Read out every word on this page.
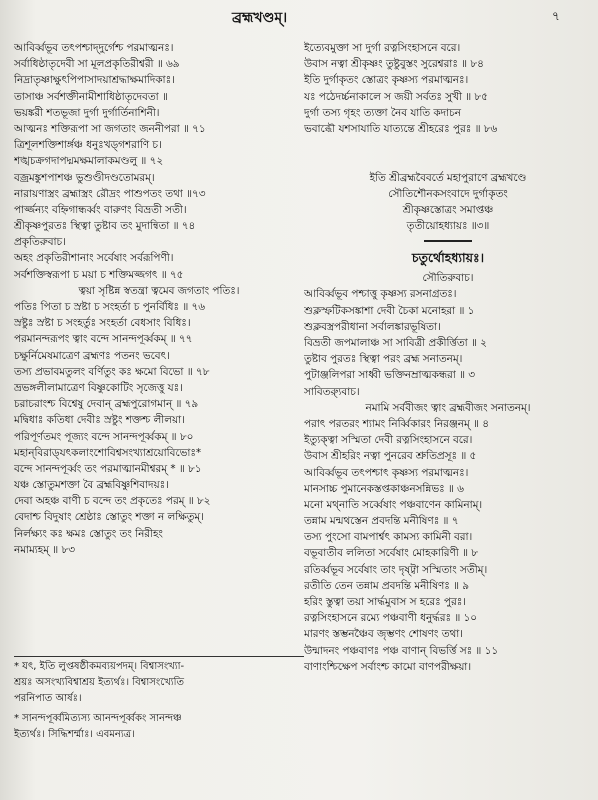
ব্রহ্মখণ্ডম্‌।	৭
আবির্ব্বভূব তৎপশ্চাদ্‌দুর্গেশ্চ পরমাত্মনঃ।
সর্বাধিষ্ঠাতৃদেবী সা মূলপ্রকৃতিরীশ্বরী ॥ ৬৯
নিদ্রাতৃষ্ণাক্ষুৎপিপাসাদয়াশ্রদ্ধাক্ষমাদিকাঃ।
তাসাঞ্চ সর্বশক্তীনামীশাধিষ্ঠাতৃদেবতা ॥
ভয়ঙ্করী শতভূজা দুর্গা দুর্গার্তিনাশিনী।
আত্মনঃ শক্তিরূপা সা জগতাং জননীপরা ॥ ৭১
ত্রিশূলশক্তিশার্ঙ্গঞ্চ ধনুঃখড্‌গশরাণি চ।
শঙ্খচক্রগদাপদ্মমক্ষমালাকমণ্ডলু ॥ ৭২
বজ্রমঙ্কুশপাশঞ্চ ভুশুণ্ডীদণ্ডতোমরম্‌।
নারায়ণাস্ত্রং ব্রহ্মাস্ত্রং রৌদ্রং পাশুপতং তথা ॥৭৩
পার্জ্জন্যং বহ্নিগান্ধর্ব্বং বারুণং বিভ্রতী সতী।
শ্রীকৃষ্ণপুরতঃ স্থিত্বা তুষ্টাব তং মুদান্বিতা ॥ ৭৪
প্রকৃতিরুবাচ।
অহং প্রকৃতিরীশানাং সর্বেষাং সর্বরূপিণী।
সর্বশক্তিস্বরূপা চ ময়া চ শক্তিমজ্জগৎ ॥ ৭৫
ত্বয়া সৃষ্টিন্ন স্বতন্ত্রা ত্বমেব জগতাং পতিঃ।
পতিঃ পিতা চ স্রষ্টা চ সংহর্তা চ পুনর্বিধিঃ ॥ ৭৬
স্রষ্টুঃ স্রষ্টা চ সংহর্তুঃ সংহর্তা বেধসাং বিধিঃ।
পরমানন্দরূপং ত্বাং বন্দে সানন্দপূর্ব্বকম্‌ ॥ ৭৭
চক্ষুর্নিমেষমাত্রেণ ব্রহ্মণঃ পতনং ভবেৎ।
তস্য প্রভাবমতুলং বর্ণিতুং কঃ ক্ষমো বিভো ॥ ৭৮
ভ্রভঙ্গলীলামাত্রেণ বিষ্ণুকোটিং সৃজেত্তু যঃ।
চরাচরাংশ্চ বিশ্বেষু দেবান্‌ ব্রহ্মপুরোগমান্‌ ॥ ৭৯
মদ্বিধাঃ কতিধা দেবীঃ স্রষ্টুং শক্তশ্চ লীলয়া।
পরিপূর্ণতমং পূজ্যং বন্দে সানন্দপূর্ব্বকম্‌ ॥ ৮০
মহান্‌বিরাড্‌যৎকলাংশোবিশ্বসংখ্যাশ্রয়োবিভোঃ*
বন্দে সানন্দপূর্ব্বং তং পরমাত্মানমীশ্বরম্‌ * ॥ ৮১
যঞ্চ স্তোতুমশক্তা বৈ ব্রহ্মবিষ্ণুশিবাদয়ঃ।
দেবা অহঞ্চ বাণী চ বন্দে তং প্রকৃতেঃ পরম্‌ ॥ ৮২
বেদাশ্চ বিদুষাং শ্রেষ্ঠাঃ স্তোতুং শক্তা ন লক্ষিতুম্‌।
নির্লক্ষ্যং কঃ ক্ষমঃ স্তোতুং তং নিরীহং
নমাম্যহম্‌ ॥ ৮৩
* যৎ, ইতি লুপ্তষষ্ঠীকমব্যয়পদম্‌। বিশ্বাসংখ্যা-
শ্রয়ঃ অসংখ্যবিশ্বাশ্রয় ইত্যর্থঃ। বিশ্বাসংখ্যেতি
পরনিপাত আর্ষঃ।
* সানন্দপূর্ব্বমিত্যস্য আনন্দপূর্ব্বকং সানন্দঞ্চ
ইত্যর্থঃ। সিদ্ধিশর্ম্মাঃ। এবমন্যত্র।
ইত্যেবমুক্তা সা দুর্গা রত্নসিংহাসনে বরে।
উবাস নত্বা শ্রীকৃষ্ণং তুষ্টুবুস্তং সুরেশ্বরাঃ ॥ ৮৪
ইতি দুর্গাকৃতং স্তোত্রং কৃষ্ণস্য পরমাত্মনঃ।
যঃ পঠেদর্চ্চনাকালে স জয়ী সর্বতঃ সুখী ॥ ৮৫
দুর্গা তস্য গৃহং ত্যক্তা নৈব যাতি কদাচন
ভবাব্ধৌ যশসাযাতি যাত্যন্তে শ্রীহরেঃ পুরঃ ॥ ৮৬
ইতি শ্রীব্রহ্মবৈবর্তে মহাপুরাণে ব্রহ্মখণ্ডে
সৌতিশৌনকসংবাদে দুর্গাকৃতং
শ্রীকৃষ্ণস্তোত্রং সমাপ্তঞ্চ
তৃতীয়োহধ্যায়ঃ ॥৩॥
চতুর্থোহধ্যায়ঃ।
সৌতিরুবাচ।
আবির্ব্বভূব পশ্চাত্তু কৃষ্ণস্য রসনাগ্রতঃ।
শুক্লস্ফটিকসঙ্কাশা দেবী চৈকা মনোহরা ॥ ১
শুক্লবস্ত্রপরীধানা সর্বালঙ্কারভূষিতা।
বিভ্রতী জপমালাঞ্চ সা সাবিত্রী প্রকীর্ত্তিতা ॥ ২
তুষ্টাব পুরতঃ স্থিত্বা পরং ব্রহ্ম সনাতনম্‌।
পুটাঞ্জলিপরা সাধ্বী ভক্তিনম্রাত্মকন্ধরা ॥ ৩
সাবিত্র্যুবাচ।
নমামি সর্ববীজং ত্বাং ব্রহ্মবীজং সনাতনম্‌।
পরাৎ পরতরং শ্যামং নির্ব্বিকারং নিরঞ্জনম্‌ ॥ ৪
ইত্যুক্ত্বা সস্মিতা দেবী রত্নসিংহাসনে বরে।
উবাস শ্রীহরিং নত্বা পুনরেব শ্রুতিপ্রসূঃ ॥ ৫
আবির্ব্বভূব তৎপশ্চাৎ কৃষ্ণস্য পরমাত্মনঃ।
মানসাচ্চ পুমানেকস্তপ্তকাঞ্চনসন্নিভঃ ॥ ৬
মনো মথ্‌নাতি সর্ব্বেষাং পঞ্চবাণেন কামিনাম্‌।
তন্নাম মন্মথস্তেন প্রবদন্তি মনীষিণঃ ॥ ৭
তস্য পুংসো বামপার্শ্বৎ কামস্য কামিনী বরা।
বভূবাতীব ললিতা সর্বেষাং মোহকারিণী ॥ ৮
রতির্ব্বভূব সর্বেষাং তাং দৃষ্ট্বা সস্মিতাং সতীম্‌।
রতীতি তেন তন্নাম প্রবদন্তি মনীষিণঃ ॥ ৯
হরিং স্তুত্বা তয়া সার্দ্ধমুবাস স হরেঃ পুরঃ।
রত্নসিংহাসনে রম্যে পঞ্চবাণী ধনুর্দ্ধরঃ ॥ ১০
মারণং স্তম্ভনঞ্চৈব জৃম্ভণং শোষণং তথা।
উন্মাদনং পঞ্চবাণঃ পঞ্চ বাণান্‌ বিভর্ত্তি সঃ ॥ ১১
বাণাংশ্চিক্ষেপ সর্বাংশ্চ কামো বাণপরীক্ষয়া।
